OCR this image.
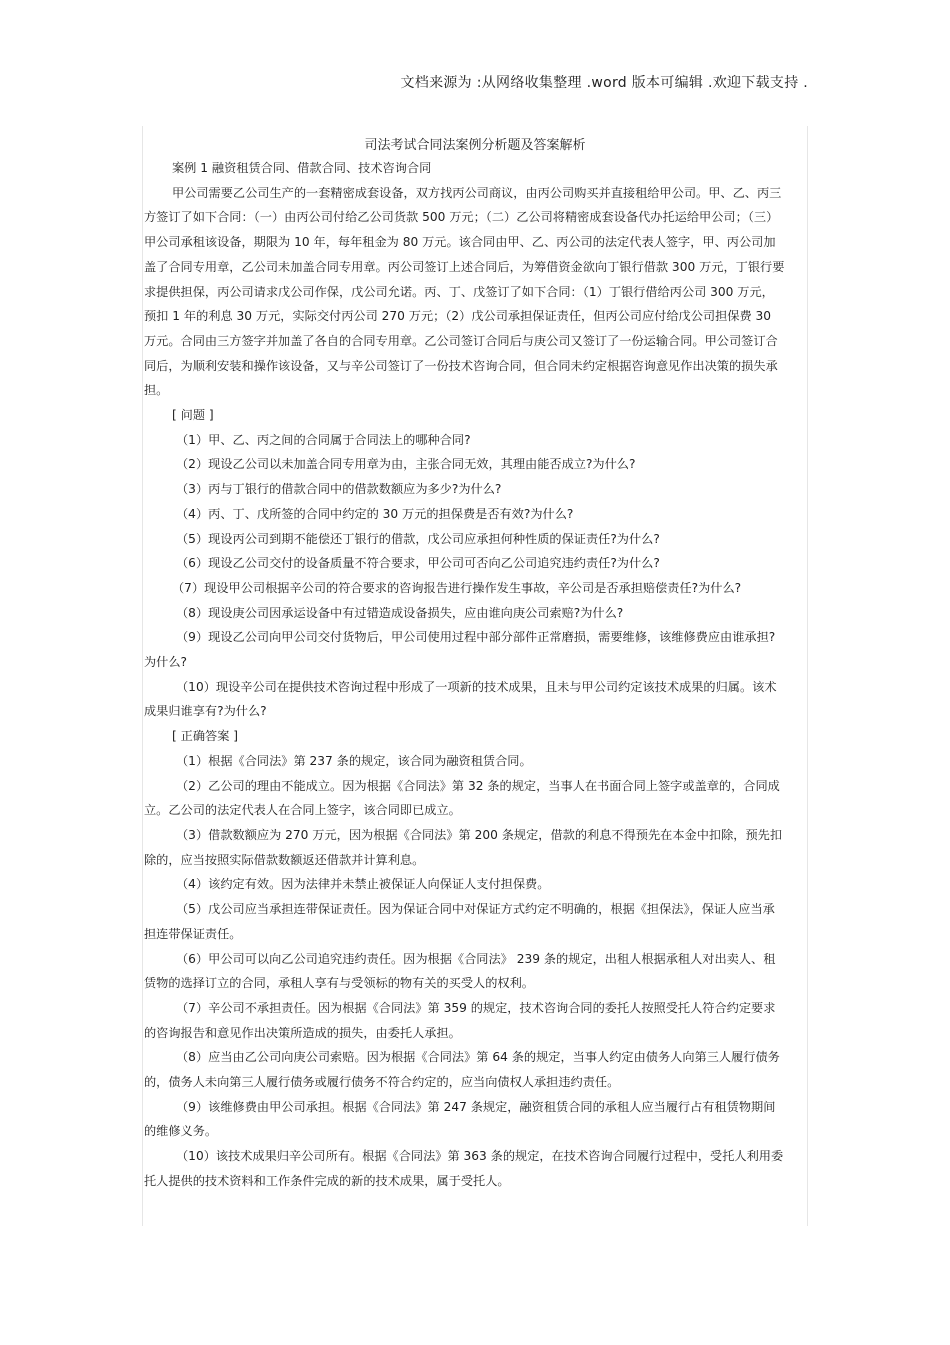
文档来源为 :从网络收集整理 .word 版本可编辑 .欢迎下载支持 .
司法考试合同法案例分析题及答案解析

案例 1 融资租赁合同、借款合同、技术咨询合同

甲公司需要乙公司生产的一套精密成套设备，双方找丙公司商议，由丙公司购买并直接租给甲公司。甲、乙、丙三方签订了如下合同：（一）由丙公司付给乙公司货款 500 万元；（二）乙公司将精密成套设备代办托运给甲公司；（三）甲公司承租该设备，期限为 10 年，每年租金为 80 万元。该合同由甲、乙、丙公司的法定代表人签字，甲、丙公司加盖了合同专用章，乙公司未加盖合同专用章。丙公司签订上述合同后，为筹借资金欲向丁银行借款 300 万元，丁银行要求提供担保，丙公司请求戊公司作保，戊公司允诺。丙、丁、戊签订了如下合同：（1）丁银行借给丙公司 300 万元，预扣 1 年的利息 30 万元，实际交付丙公司 270 万元；（2）戊公司承担保证责任，但丙公司应付给戊公司担保费 30 万元。合同由三方签字并加盖了各自的合同专用章。乙公司签订合同后与庚公司又签订了一份运输合同。甲公司签订合同后，为顺利安装和操作该设备，又与辛公司签订了一份技术咨询合同，但合同未约定根据咨询意见作出决策的损失承担。

[ 问题 ]

（1）甲、乙、丙之间的合同属于合同法上的哪种合同?

（2）现设乙公司以未加盖合同专用章为由，主张合同无效，其理由能否成立?为什么?

（3）丙与丁银行的借款合同中的借款数额应为多少?为什么?

（4）丙、丁、戊所签的合同中约定的 30 万元的担保费是否有效?为什么?

（5）现设丙公司到期不能偿还丁银行的借款，戊公司应承担何种性质的保证责任?为什么?

（6）现设乙公司交付的设备质量不符合要求，甲公司可否向乙公司追究违约责任?为什么?

（7）现设甲公司根据辛公司的符合要求的咨询报告进行操作发生事故，辛公司是否承担赔偿责任?为什么?

（8）现设庚公司因承运设备中有过错造成设备损失，应由谁向庚公司索赔?为什么?

（9）现设乙公司向甲公司交付货物后，甲公司使用过程中部分部件正常磨损，需要维修，该维修费应由谁承担?为什么?

（10）现设辛公司在提供技术咨询过程中形成了一项新的技术成果，且未与甲公司约定该技术成果的归属。该术成果归谁享有?为什么?

[ 正确答案 ]

（1）根据《合同法》第 237 条的规定，该合同为融资租赁合同。

（2）乙公司的理由不能成立。因为根据《合同法》第 32 条的规定，当事人在书面合同上签字或盖章的，合同成立。乙公司的法定代表人在合同上签字，该合同即已成立。

（3）借款数额应为 270 万元，因为根据《合同法》第 200 条规定，借款的利息不得预先在本金中扣除，预先扣除的，应当按照实际借款数额返还借款并计算利息。

（4）该约定有效。因为法律并未禁止被保证人向保证人支付担保费。

（5）戊公司应当承担连带保证责任。因为保证合同中对保证方式约定不明确的，根据《担保法》，保证人应当承担连带保证责任。

（6）甲公司可以向乙公司追究违约责任。因为根据《合同法》 239 条的规定，出租人根据承租人对出卖人、租赁物的选择订立的合同，承租人享有与受领标的物有关的买受人的权利。

（7）辛公司不承担责任。因为根据《合同法》第 359 的规定，技术咨询合同的委托人按照受托人符合约定要求的咨询报告和意见作出决策所造成的损失，由委托人承担。

（8）应当由乙公司向庚公司索赔。因为根据《合同法》第 64 条的规定，当事人约定由债务人向第三人履行债务的，债务人未向第三人履行债务或履行债务不符合约定的，应当向债权人承担违约责任。

（9）该维修费由甲公司承担。根据《合同法》第 247 条规定，融资租赁合同的承租人应当履行占有租赁物期间的维修义务。

（10）该技术成果归辛公司所有。根据《合同法》第 363 条的规定，在技术咨询合同履行过程中，受托人利用委托人提供的技术资料和工作条件完成的新的技术成果，属于受托人。
